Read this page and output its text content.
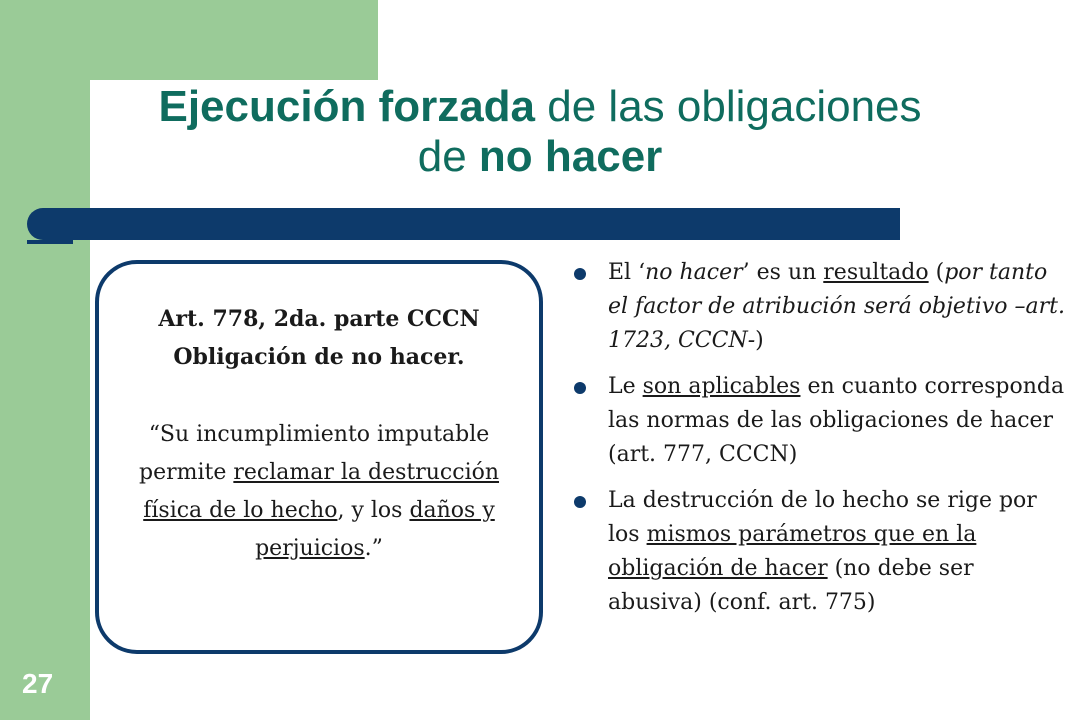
Ejecución forzada de las obligaciones
de no hacer
27
Art. 778, 2da. parte CCCN
Obligación de no hacer.
“Su incumplimiento imputable permite reclamar la destrucción física de lo hecho, y los daños y perjuicios.”
El ‘no hacer’ es un resultado (por tanto el factor de atribución será objetivo –art. 1723, CCCN-)
Le son aplicables en cuanto corresponda las normas de las obligaciones de hacer (art. 777, CCCN)
La destrucción de lo hecho se rige por los mismos parámetros que en la obligación de hacer (no debe ser abusiva) (conf. art. 775)
